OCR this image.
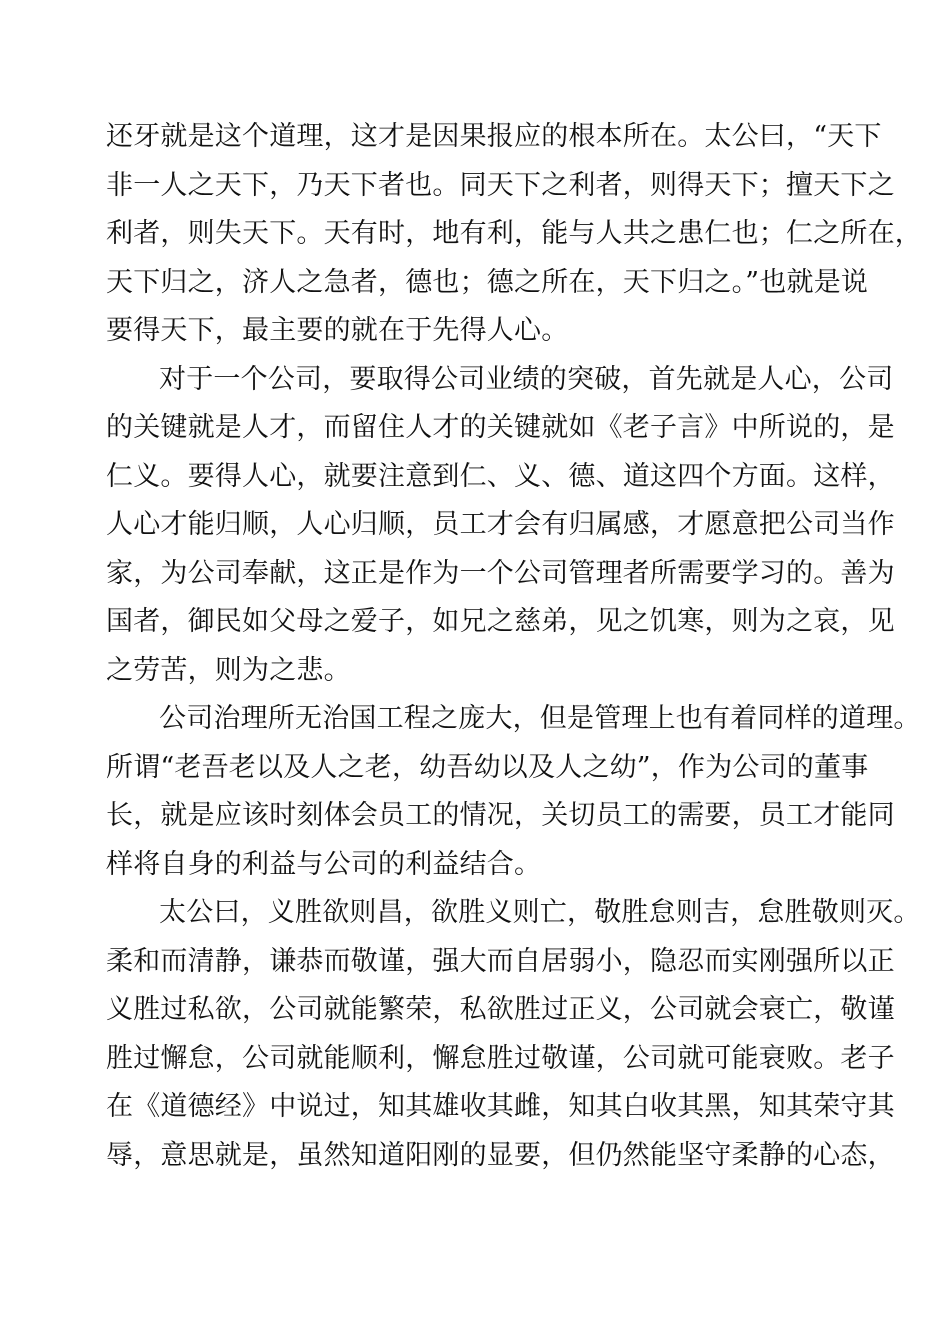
还牙就是这个道理，这才是因果报应的根本所在。太公曰，“天下
非一人之天下，乃天下者也。同天下之利者，则得天下；擅天下之
利者，则失天下。天有时，地有利，能与人共之患仁也；仁之所在，
天下归之，济人之急者，德也；德之所在，天下归之。”也就是说
要得天下，最主要的就在于先得人心。
对于一个公司，要取得公司业绩的突破，首先就是人心，公司
的关键就是人才，而留住人才的关键就如《老子言》中所说的，是
仁义。要得人心，就要注意到仁、义、德、道这四个方面。这样，
人心才能归顺，人心归顺，员工才会有归属感，才愿意把公司当作
家，为公司奉献，这正是作为一个公司管理者所需要学习的。善为
国者，御民如父母之爱子，如兄之慈弟，见之饥寒，则为之哀，见
之劳苦，则为之悲。
公司治理所无治国工程之庞大，但是管理上也有着同样的道理。
所谓“老吾老以及人之老，幼吾幼以及人之幼”，作为公司的董事
长，就是应该时刻体会员工的情况，关切员工的需要，员工才能同
样将自身的利益与公司的利益结合。
太公曰，义胜欲则昌，欲胜义则亡，敬胜怠则吉，怠胜敬则灭。
柔和而清静，谦恭而敬谨，强大而自居弱小，隐忍而实刚强所以正
义胜过私欲，公司就能繁荣，私欲胜过正义，公司就会衰亡，敬谨
胜过懈怠，公司就能顺利，懈怠胜过敬谨，公司就可能衰败。老子
在《道德经》中说过，知其雄收其雌，知其白收其黑，知其荣守其
辱，意思就是，虽然知道阳刚的显要，但仍然能坚守柔静的心态，
